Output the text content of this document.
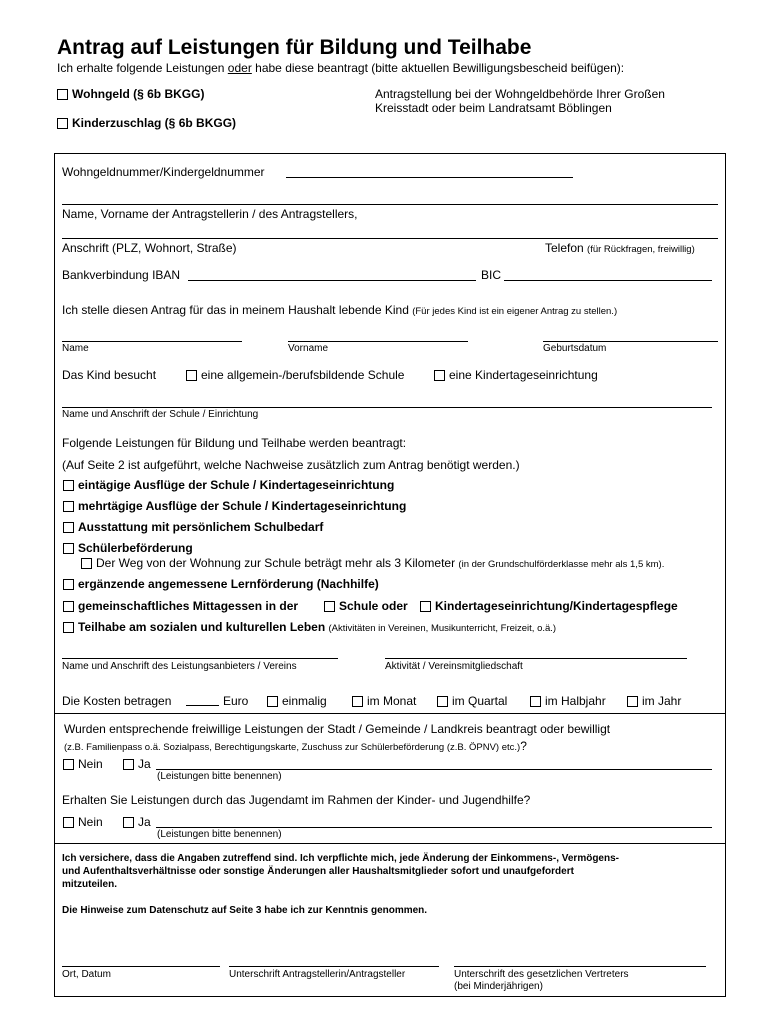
Antrag auf Leistungen für Bildung und Teilhabe
Ich erhalte folgende Leistungen oder habe diese beantragt (bitte aktuellen Bewilligungsbescheid beifügen):
Wohngeld (§ 6b BKGG)
Kinderzuschlag (§ 6b BKGG)
Antragstellung bei der Wohngeldbehörde Ihrer Großen
Kreisstadt oder beim Landratsamt Böblingen
Wohngeldnummer/Kindergeldnummer
Name, Vorname der Antragstellerin / des Antragstellers,
Anschrift (PLZ, Wohnort, Straße)	Telefon (für Rückfragen, freiwillig)
Bankverbindung IBAN	BIC
Ich stelle diesen Antrag für das in meinem Haushalt lebende Kind (Für jedes Kind ist ein eigener Antrag zu stellen.)
Name	Vorname	Geburtsdatum
Das Kind besucht	eine allgemein-/berufsbildende Schule	eine Kindertageseinrichtung
Name und Anschrift der Schule / Einrichtung
Folgende Leistungen für Bildung und Teilhabe werden beantragt:
(Auf Seite 2 ist aufgeführt, welche Nachweise zusätzlich zum Antrag benötigt werden.)
eintägige Ausflüge der Schule / Kindertageseinrichtung
mehrtägige Ausflüge der Schule / Kindertageseinrichtung
Ausstattung mit persönlichem Schulbedarf
Schülerbeförderung
Der Weg von der Wohnung zur Schule beträgt mehr als 3 Kilometer (in der Grundschulförderklasse mehr als 1,5 km).
ergänzende angemessene Lernförderung (Nachhilfe)
gemeinschaftliches Mittagessen in der	Schule oder	Kindertageseinrichtung/Kindertagespflege
Teilhabe am sozialen und kulturellen Leben (Aktivitäten in Vereinen, Musikunterricht, Freizeit, o.ä.)
Name und Anschrift des Leistungsanbieters / Vereins	Aktivität / Vereinsmitgliedschaft
Die Kosten betragen	Euro	einmalig	im Monat	im Quartal	im Halbjahr	im Jahr
Wurden entsprechende freiwillige Leistungen der Stadt / Gemeinde / Landkreis beantragt oder bewilligt
(z.B. Familienpass o.ä. Sozialpass, Berechtigungskarte, Zuschuss zur Schülerbeförderung (z.B. ÖPNV) etc.)?
Nein	Ja
(Leistungen bitte benennen)
Erhalten Sie Leistungen durch das Jugendamt im Rahmen der Kinder- und Jugendhilfe?
Nein	Ja
(Leistungen bitte benennen)
Ich versichere, dass die Angaben zutreffend sind. Ich verpflichte mich, jede Änderung der Einkommens-, Vermögens-
und Aufenthaltsverhältnisse oder sonstige Änderungen aller Haushaltsmitglieder sofort und unaufgefordert
mitzuteilen.
Die Hinweise zum Datenschutz auf Seite 3 habe ich zur Kenntnis genommen.
Ort, Datum	Unterschrift Antragstellerin/Antragsteller	Unterschrift des gesetzlichen Vertreters
(bei Minderjährigen)
